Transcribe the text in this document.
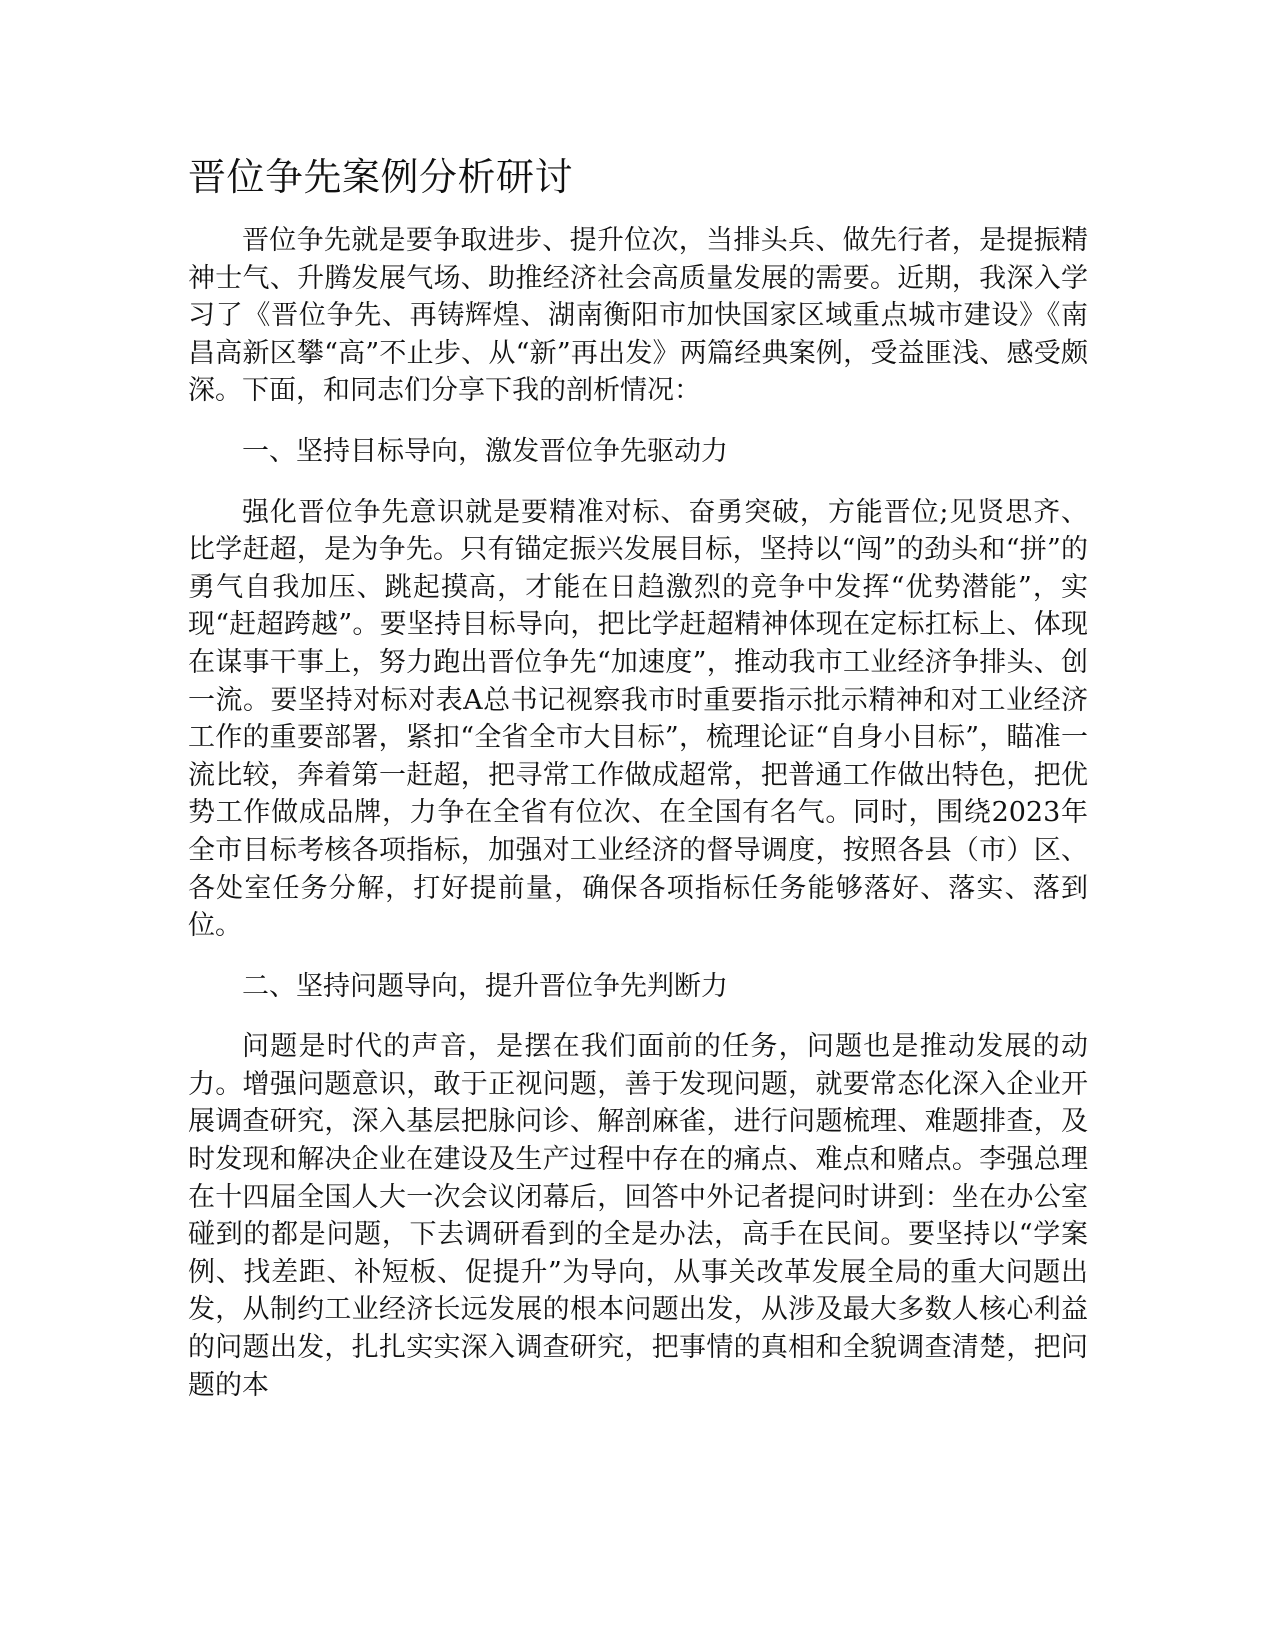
晋位争先案例分析研讨

晋位争先就是要争取进步、提升位次，当排头兵、做先行者，是提振精神士气、升腾发展气场、助推经济社会高质量发展的需要。近期，我深入学习了《晋位争先、再铸辉煌、湖南衡阳市加快国家区域重点城市建设》《南昌高新区攀“高”不止步、从“新”再出发》两篇经典案例，受益匪浅、感受颇深。下面，和同志们分享下我的剖析情况：

一、坚持目标导向，激发晋位争先驱动力

强化晋位争先意识就是要精准对标、奋勇突破，方能晋位;见贤思齐、比学赶超，是为争先。只有锚定振兴发展目标，坚持以“闯”的劲头和“拼”的勇气自我加压、跳起摸高，才能在日趋激烈的竞争中发挥“优势潜能”，实现“赶超跨越”。要坚持目标导向，把比学赶超精神体现在定标扛标上、体现在谋事干事上，努力跑出晋位争先“加速度”，推动我市工业经济争排头、创一流。要坚持对标对表A总书记视察我市时重要指示批示精神和对工业经济工作的重要部署，紧扣“全省全市大目标”，梳理论证“自身小目标”，瞄准一流比较，奔着第一赶超，把寻常工作做成超常，把普通工作做出特色，把优势工作做成品牌，力争在全省有位次、在全国有名气。同时，围绕2023年全市目标考核各项指标，加强对工业经济的督导调度，按照各县（市）区、各处室任务分解，打好提前量，确保各项指标任务能够落好、落实、落到位。

二、坚持问题导向，提升晋位争先判断力

问题是时代的声音，是摆在我们面前的任务，问题也是推动发展的动力。增强问题意识，敢于正视问题，善于发现问题，就要常态化深入企业开展调查研究，深入基层把脉问诊、解剖麻雀，进行问题梳理、难题排查，及时发现和解决企业在建设及生产过程中存在的痛点、难点和赌点。李强总理在十四届全国人大一次会议闭幕后，回答中外记者提问时讲到：坐在办公室碰到的都是问题，下去调研看到的全是办法，高手在民间。要坚持以“学案例、找差距、补短板、促提升”为导向，从事关改革发展全局的重大问题出发，从制约工业经济长远发展的根本问题出发，从涉及最大多数人核心利益的问题出发，扎扎实实深入调查研究，把事情的真相和全貌调查清楚，把问题的本
